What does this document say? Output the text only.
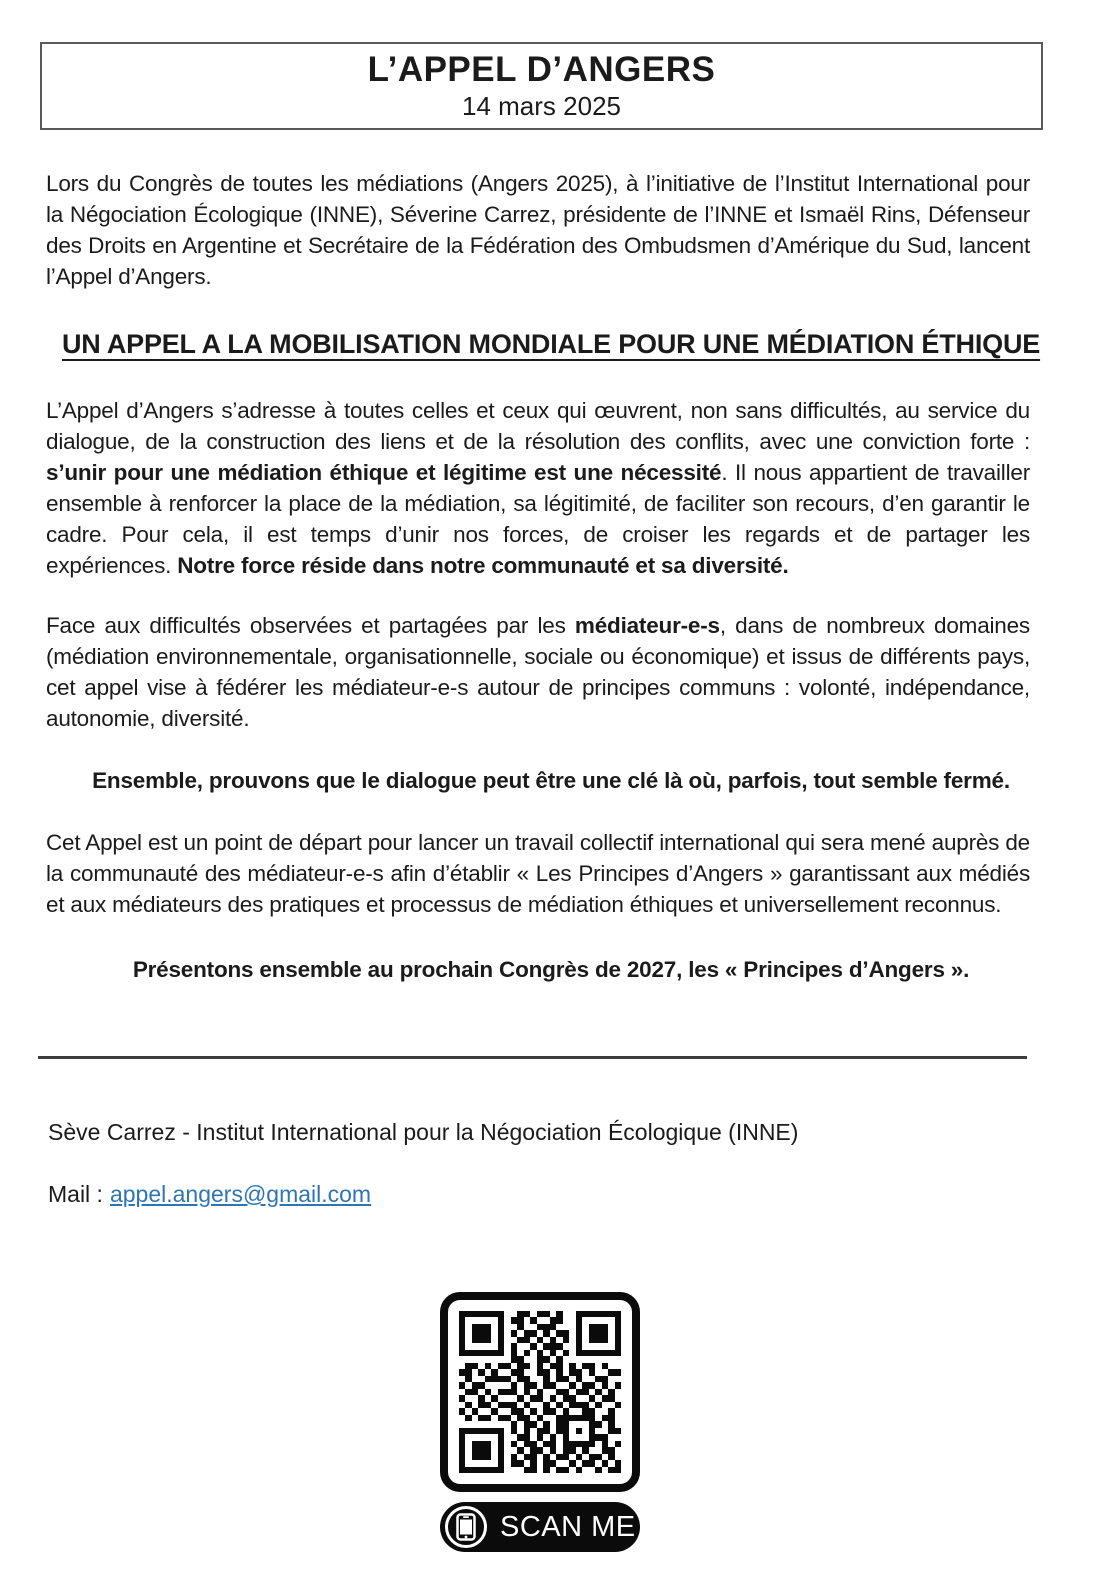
L’APPEL D’ANGERS
14 mars 2025

Lors du Congrès de toutes les médiations (Angers 2025), à l’initiative de l’Institut International pour la Négociation Écologique (INNE), Séverine Carrez, présidente de l’INNE et Ismaël Rins, Défenseur des Droits en Argentine et Secrétaire de la Fédération des Ombudsmen d’Amérique du Sud, lancent l’Appel d’Angers.

UN APPEL A LA MOBILISATION MONDIALE POUR UNE MÉDIATION ÉTHIQUE

L’Appel d’Angers s’adresse à toutes celles et ceux qui œuvrent, non sans difficultés, au service du dialogue, de la construction des liens et de la résolution des conflits, avec une conviction forte : s’unir pour une médiation éthique et légitime est une nécessité. Il nous appartient de travailler ensemble à renforcer la place de la médiation, sa légitimité, de faciliter son recours, d’en garantir le cadre. Pour cela, il est temps d’unir nos forces, de croiser les regards et de partager les expériences. Notre force réside dans notre communauté et sa diversité.

Face aux difficultés observées et partagées par les médiateur-e-s, dans de nombreux domaines (médiation environnementale, organisationnelle, sociale ou économique) et issus de différents pays, cet appel vise à fédérer les médiateur-e-s autour de principes communs : volonté, indépendance, autonomie, diversité.

Ensemble, prouvons que le dialogue peut être une clé là où, parfois, tout semble fermé.

Cet Appel est un point de départ pour lancer un travail collectif international qui sera mené auprès de la communauté des médiateur-e-s afin d’établir « Les Principes d’Angers » garantissant aux médiés et aux médiateurs des pratiques et processus de médiation éthiques et universellement reconnus.

Présentons ensemble au prochain Congrès de 2027, les « Principes d’Angers ».

Sève Carrez - Institut International pour la Négociation Écologique (INNE)

Mail : appel.angers@gmail.com

SCAN ME
